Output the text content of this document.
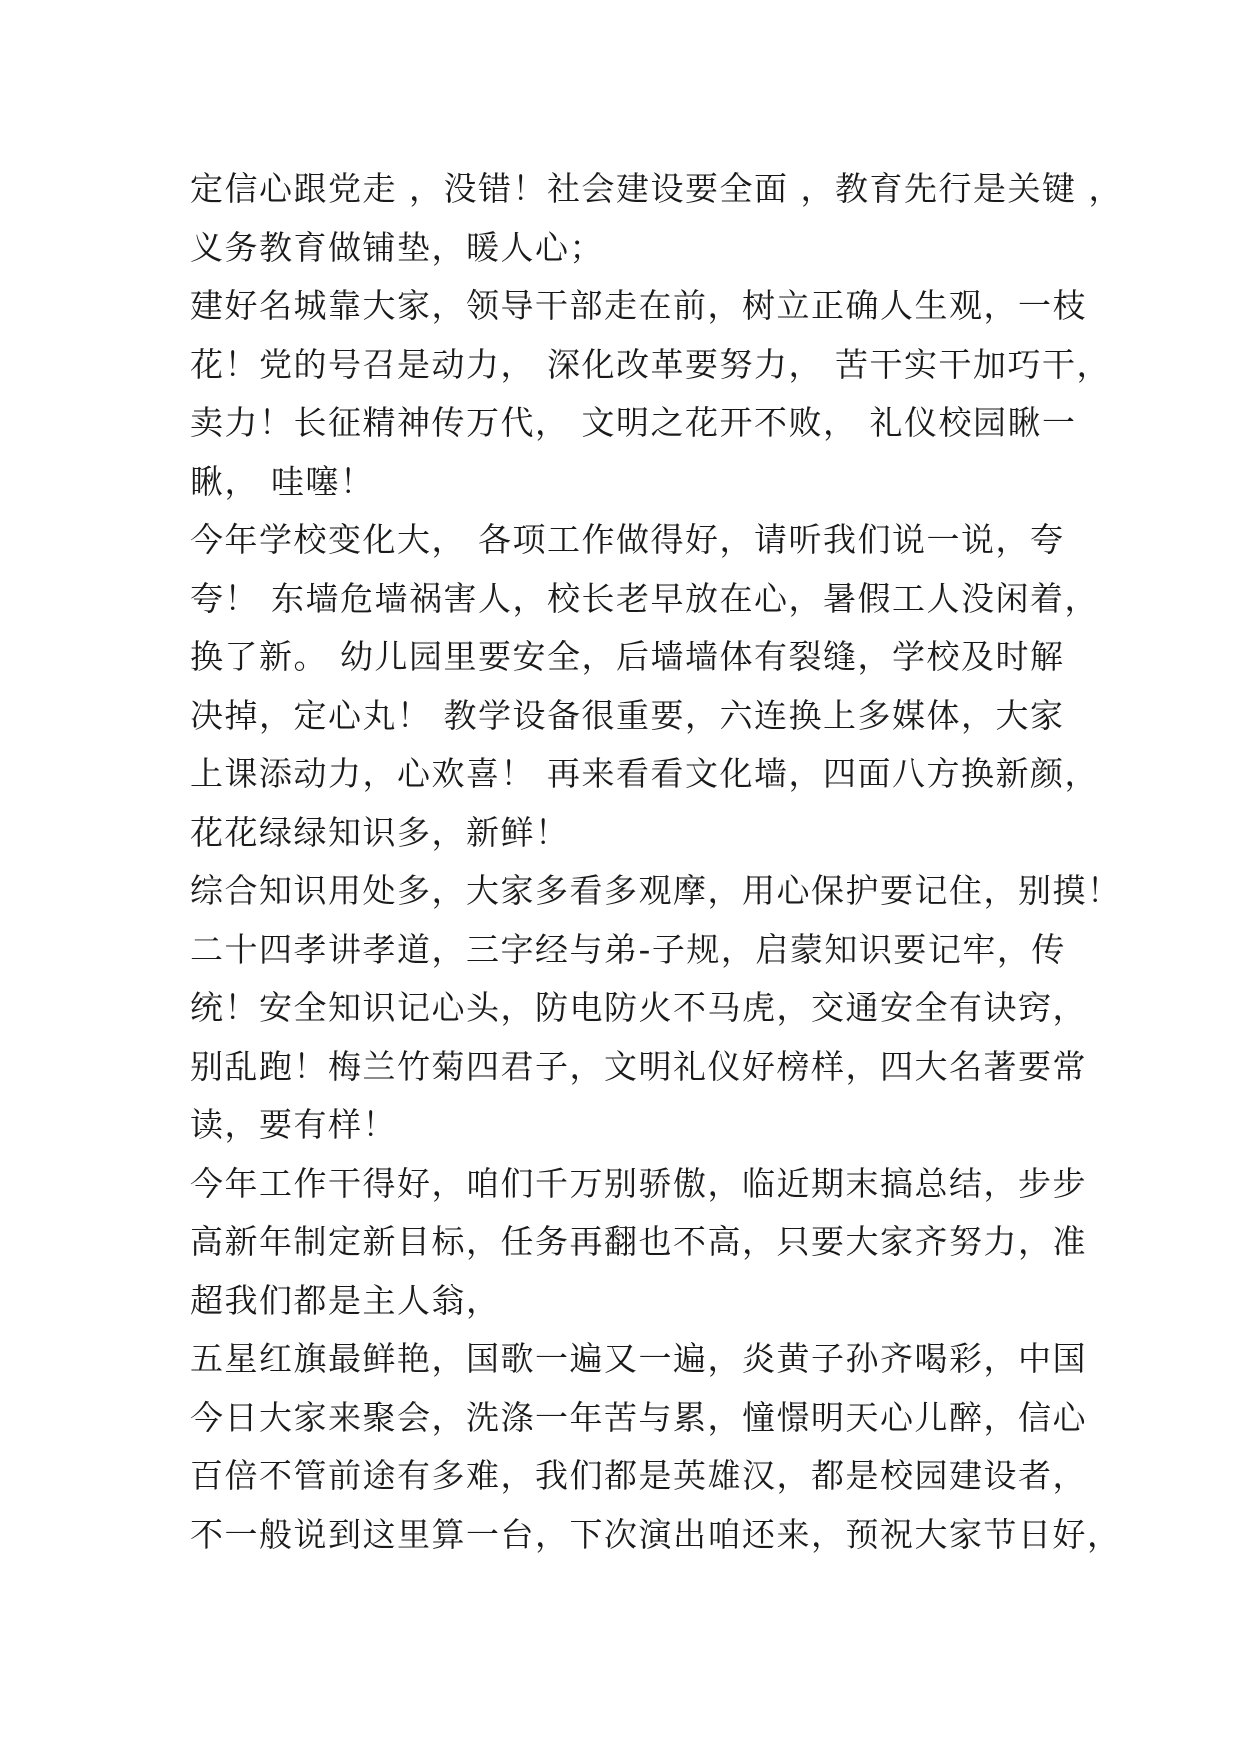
定信心跟党走 ，没错！社会建设要全面 ，教育先行是关键 ，
义务教育做铺垫，暖人心；
建好名城靠大家，领导干部走在前，树立正确人生观，一枝
花！党的号召是动力， 深化改革要努力， 苦干实干加巧干，
卖力！长征精神传万代， 文明之花开不败， 礼仪校园瞅一
瞅， 哇噻！
今年学校变化大， 各项工作做得好，请听我们说一说，夸
夸！ 东墙危墙祸害人，校长老早放在心，暑假工人没闲着，
换了新。 幼儿园里要安全，后墙墙体有裂缝，学校及时解
决掉，定心丸！ 教学设备很重要，六连换上多媒体，大家
上课添动力，心欢喜！ 再来看看文化墙，四面八方换新颜，
花花绿绿知识多，新鲜！
综合知识用处多，大家多看多观摩，用心保护要记住，别摸！
二十四孝讲孝道，三字经与弟-子规，启蒙知识要记牢，传
统！安全知识记心头，防电防火不马虎，交通安全有诀窍，
别乱跑！梅兰竹菊四君子，文明礼仪好榜样，四大名著要常
读，要有样！
今年工作干得好，咱们千万别骄傲，临近期末搞总结，步步
高新年制定新目标，任务再翻也不高，只要大家齐努力，准
超我们都是主人翁，
五星红旗最鲜艳，国歌一遍又一遍，炎黄子孙齐喝彩，中国
今日大家来聚会，洗涤一年苦与累，憧憬明天心儿醉，信心
百倍不管前途有多难，我们都是英雄汉，都是校园建设者，
不一般说到这里算一台，下次演出咱还来，预祝大家节日好，
